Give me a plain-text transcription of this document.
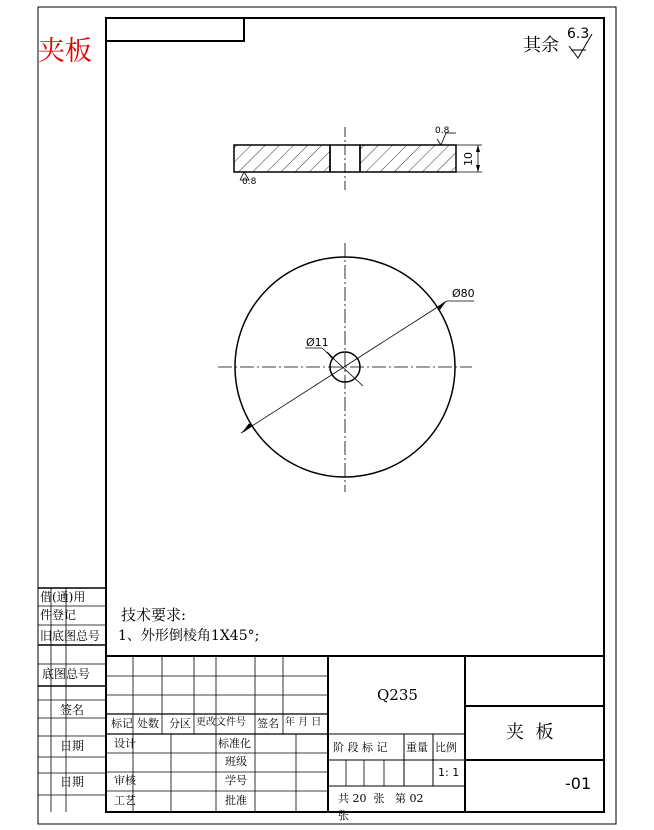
夹板	其余
6.3
0.8
0.8
10
Ø80
Ø11
技术要求:
1、外形倒棱角1X45°;
借(通)用
件登记
旧底图总号
底图总号
签名
日期
日期
Q235
夹  板
-01
1: 1
共 20  张   第 02
张
标记 处数 分区 更改文件号 签名 年 月 日
设计	标准化
班级
审核	学号
工艺	批准
阶 段 标 记 重量 比例
